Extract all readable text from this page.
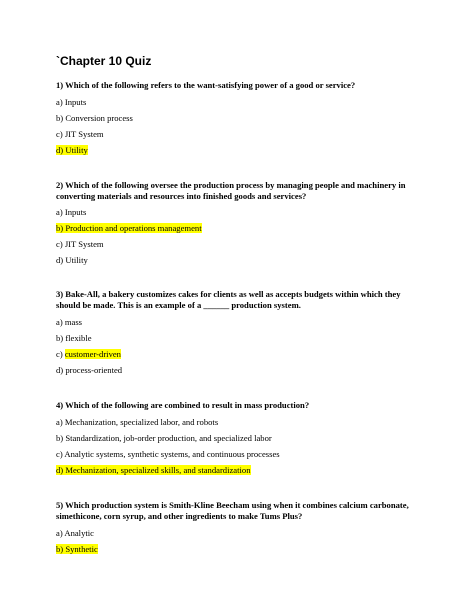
`Chapter 10 Quiz
1) Which of the following refers to the want-satisfying power of a good or service?
a) Inputs
b) Conversion process
c) JIT System
d) Utility
2) Which of the following oversee the production process by managing people and machinery in converting materials and resources into finished goods and services?
a) Inputs
b) Production and operations management
c) JIT System
d) Utility
3) Bake-All, a bakery customizes cakes for clients as well as accepts budgets within which they should be made. This is an example of a ______ production system.
a) mass
b) flexible
c) customer-driven
d) process-oriented
4) Which of the following are combined to result in mass production?
a) Mechanization, specialized labor, and robots
b) Standardization, job-order production, and specialized labor
c) Analytic systems, synthetic systems, and continuous processes
d) Mechanization, specialized skills, and standardization
5) Which production system is Smith-Kline Beecham using when it combines calcium carbonate, simethicone, corn syrup, and other ingredients to make Tums Plus?
a) Analytic
b) Synthetic
